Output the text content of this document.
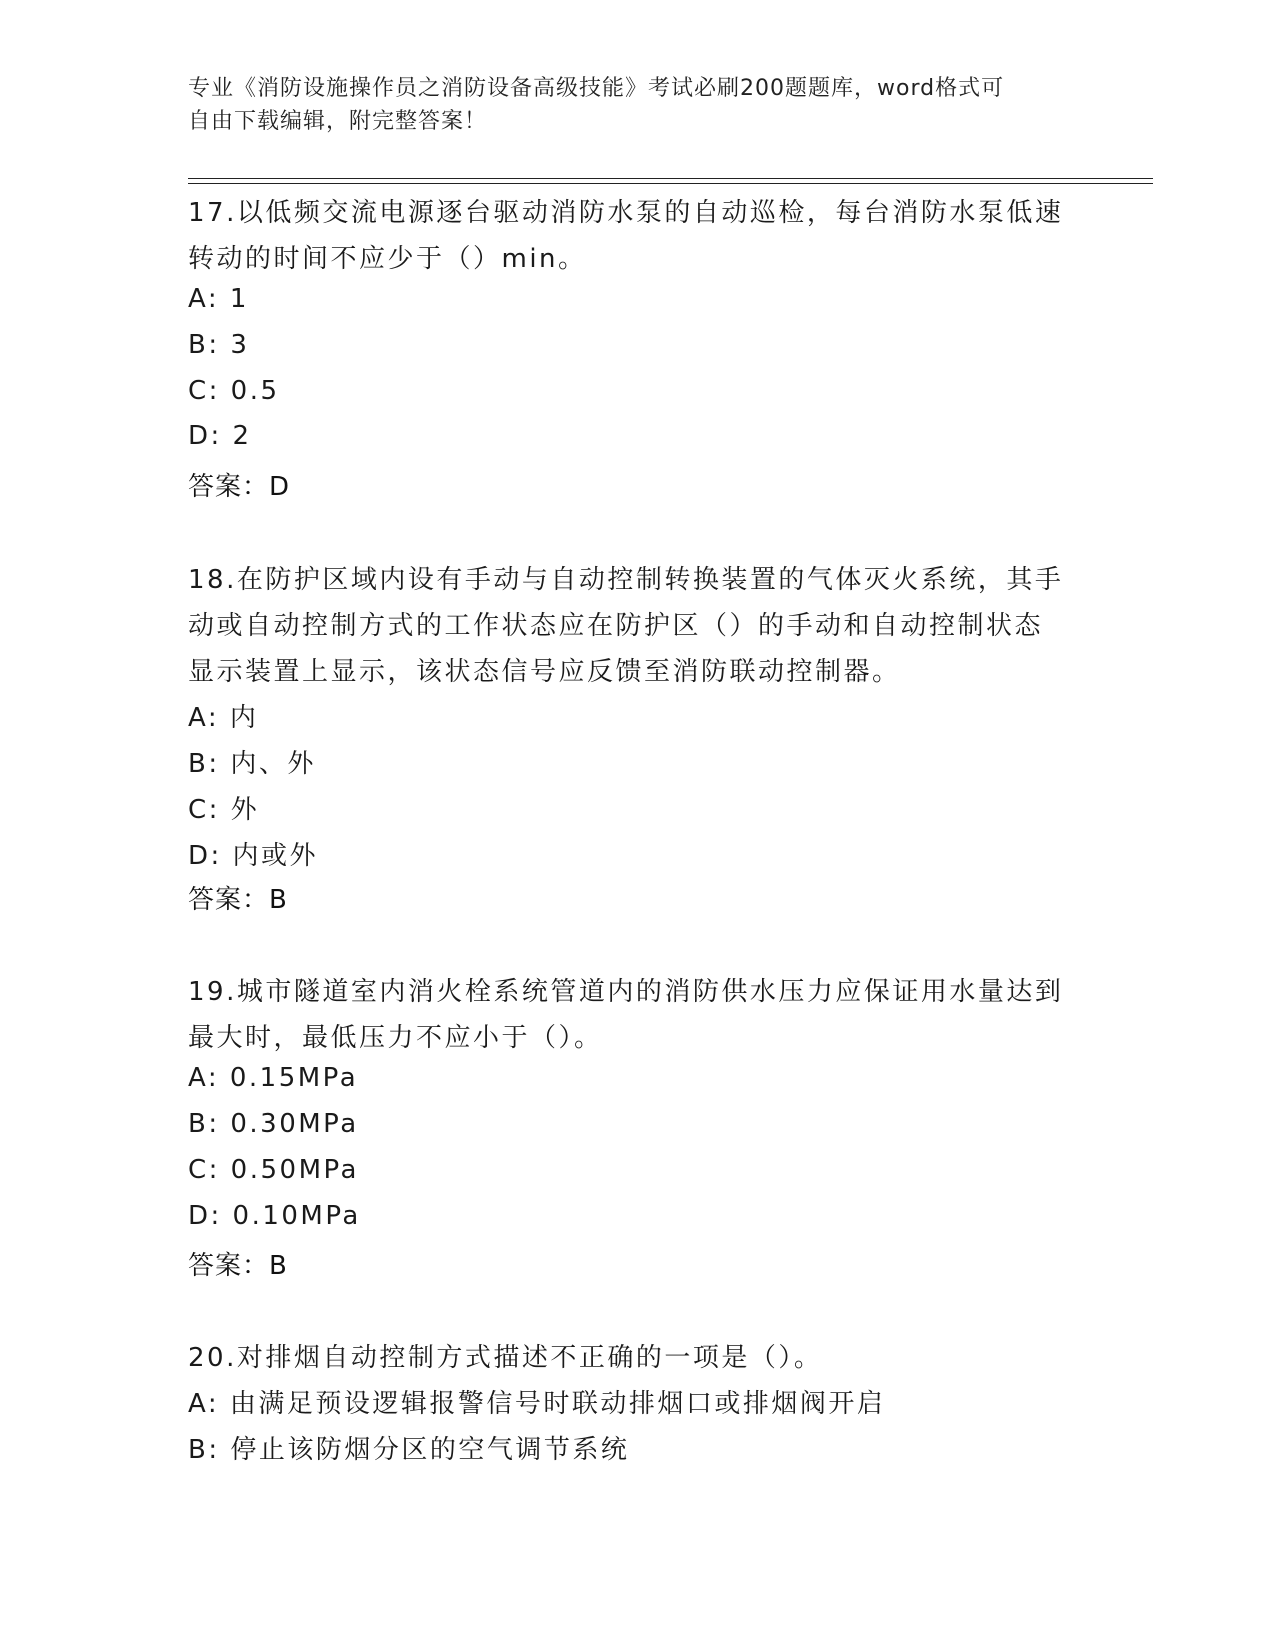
专业《消防设施操作员之消防设备高级技能》考试必刷200题题库，word格式可
自由下载编辑，附完整答案！
17.以低频交流电源逐台驱动消防水泵的自动巡检，每台消防水泵低速
转动的时间不应少于（）min。
A: 1
B: 3
C: 0.5
D: 2
答案：D
18.在防护区域内设有手动与自动控制转换装置的气体灭火系统，其手
动或自动控制方式的工作状态应在防护区（）的手动和自动控制状态
显示装置上显示，该状态信号应反馈至消防联动控制器。
A: 内
B: 内、外
C: 外
D: 内或外
答案：B
19.城市隧道室内消火栓系统管道内的消防供水压力应保证用水量达到
最大时，最低压力不应小于（）。
A: 0.15MPa
B: 0.30MPa
C: 0.50MPa
D: 0.10MPa
答案：B
20.对排烟自动控制方式描述不正确的一项是（）。
A: 由满足预设逻辑报警信号时联动排烟口或排烟阀开启
B: 停止该防烟分区的空气调节系统
